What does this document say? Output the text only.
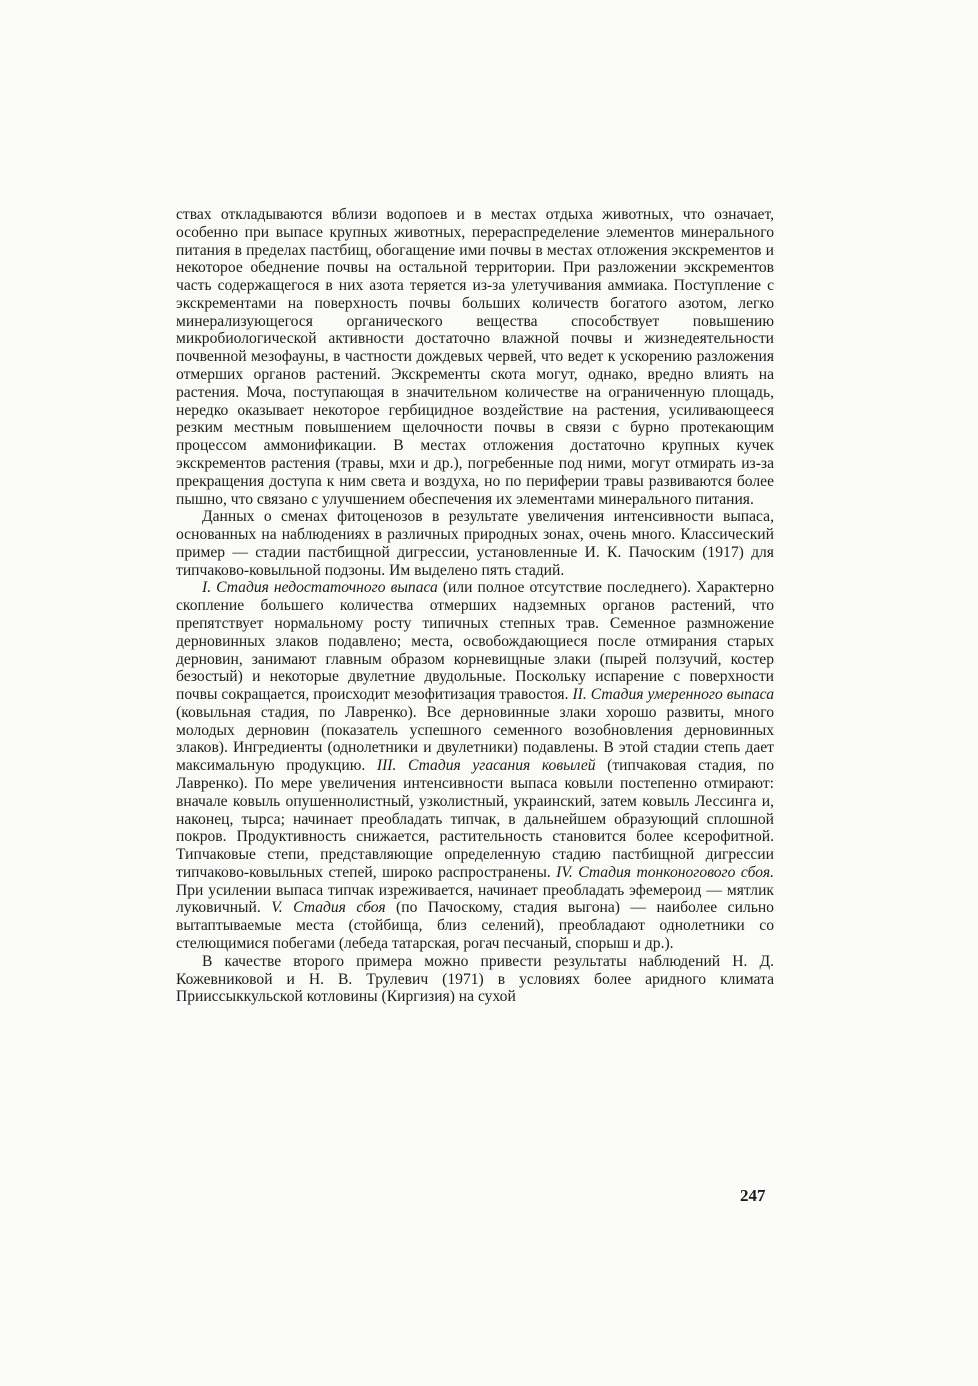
ствах откладываются вблизи водопоев и в местах отдыха животных, что означает, особенно при выпасе крупных животных, перераспределение элементов минерального питания в пределах пастбищ, обогащение ими почвы в местах отложения экскрементов и некоторое обеднение почвы на остальной территории. При разложении экскрементов часть содержащегося в них азота теряется из-за улетучивания аммиака. Поступление с экскрементами на поверхность почвы больших количеств богатого азотом, легко минерализующегося органического вещества способствует повышению микробиологической активности достаточно влажной почвы и жизнедеятельности почвенной мезофауны, в частности дождевых червей, что ведет к ускорению разложения отмерших органов растений. Экскременты скота могут, однако, вредно влиять на растения. Моча, поступающая в значительном количестве на ограниченную площадь, нередко оказывает некоторое гербицидное воздействие на растения, усиливающееся резким местным повышением щелочности почвы в связи с бурно протекающим процессом аммонификации. В местах отложения достаточно крупных кучек экскрементов растения (травы, мхи и др.), погребенные под ними, могут отмирать из-за прекращения доступа к ним света и воздуха, но по периферии травы развиваются более пышно, что связано с улучшением обеспечения их элементами минерального питания.

Данных о сменах фитоценозов в результате увеличения интенсивности выпаса, основанных на наблюдениях в различных природных зонах, очень много. Классический пример — стадии пастбищной дигрессии, установленные И. К. Пачоским (1917) для типчаково-ковыльной подзоны. Им выделено пять стадий.

I. Стадия недостаточного выпаса (или полное отсутствие последнего). Характерно скопление большего количества отмерших надземных органов растений, что препятствует нормальному росту типичных степных трав. Семенное размножение дерновинных злаков подавлено; места, освобождающиеся после отмирания старых дерновин, занимают главным образом корневищные злаки (пырей ползучий, костер безостый) и некоторые двулетние двудольные. Поскольку испарение с поверхности почвы сокращается, происходит мезофитизация травостоя. II. Стадия умеренного выпаса (ковыльная стадия, по Лавренко). Все дерновинные злаки хорошо развиты, много молодых дерновин (показатель успешного семенного возобновления дерновинных злаков). Ингредиенты (однолетники и двулетники) подавлены. В этой стадии степь дает максимальную продукцию. III. Стадия угасания ковылей (типчаковая стадия, по Лавренко). По мере увеличения интенсивности выпаса ковыли постепенно отмирают: вначале ковыль опушеннолистный, узколистный, украинский, затем ковыль Лессинга и, наконец, тырса; начинает преобладать типчак, в дальнейшем образующий сплошной покров. Продуктивность снижается, растительность становится более ксерофитной. Типчаковые степи, представляющие определенную стадию пастбищной дигрессии типчаково-ковыльных степей, широко распространены. IV. Стадия тонконогового сбоя. При усилении выпаса типчак изреживается, начинает преобладать эфемероид — мятлик луковичный. V. Стадия сбоя (по Пачоскому, стадия выгона) — наиболее сильно вытаптываемые места (стойбища, близ селений), преобладают однолетники со стелющимися побегами (лебеда татарская, рогач песчаный, спорыш и др.).

В качестве второго примера можно привести результаты наблюдений Н. Д. Кожевниковой и Н. В. Трулевич (1971) в условиях более аридного климата Прииссыккульской котловины (Киргизия) на сухой

247
